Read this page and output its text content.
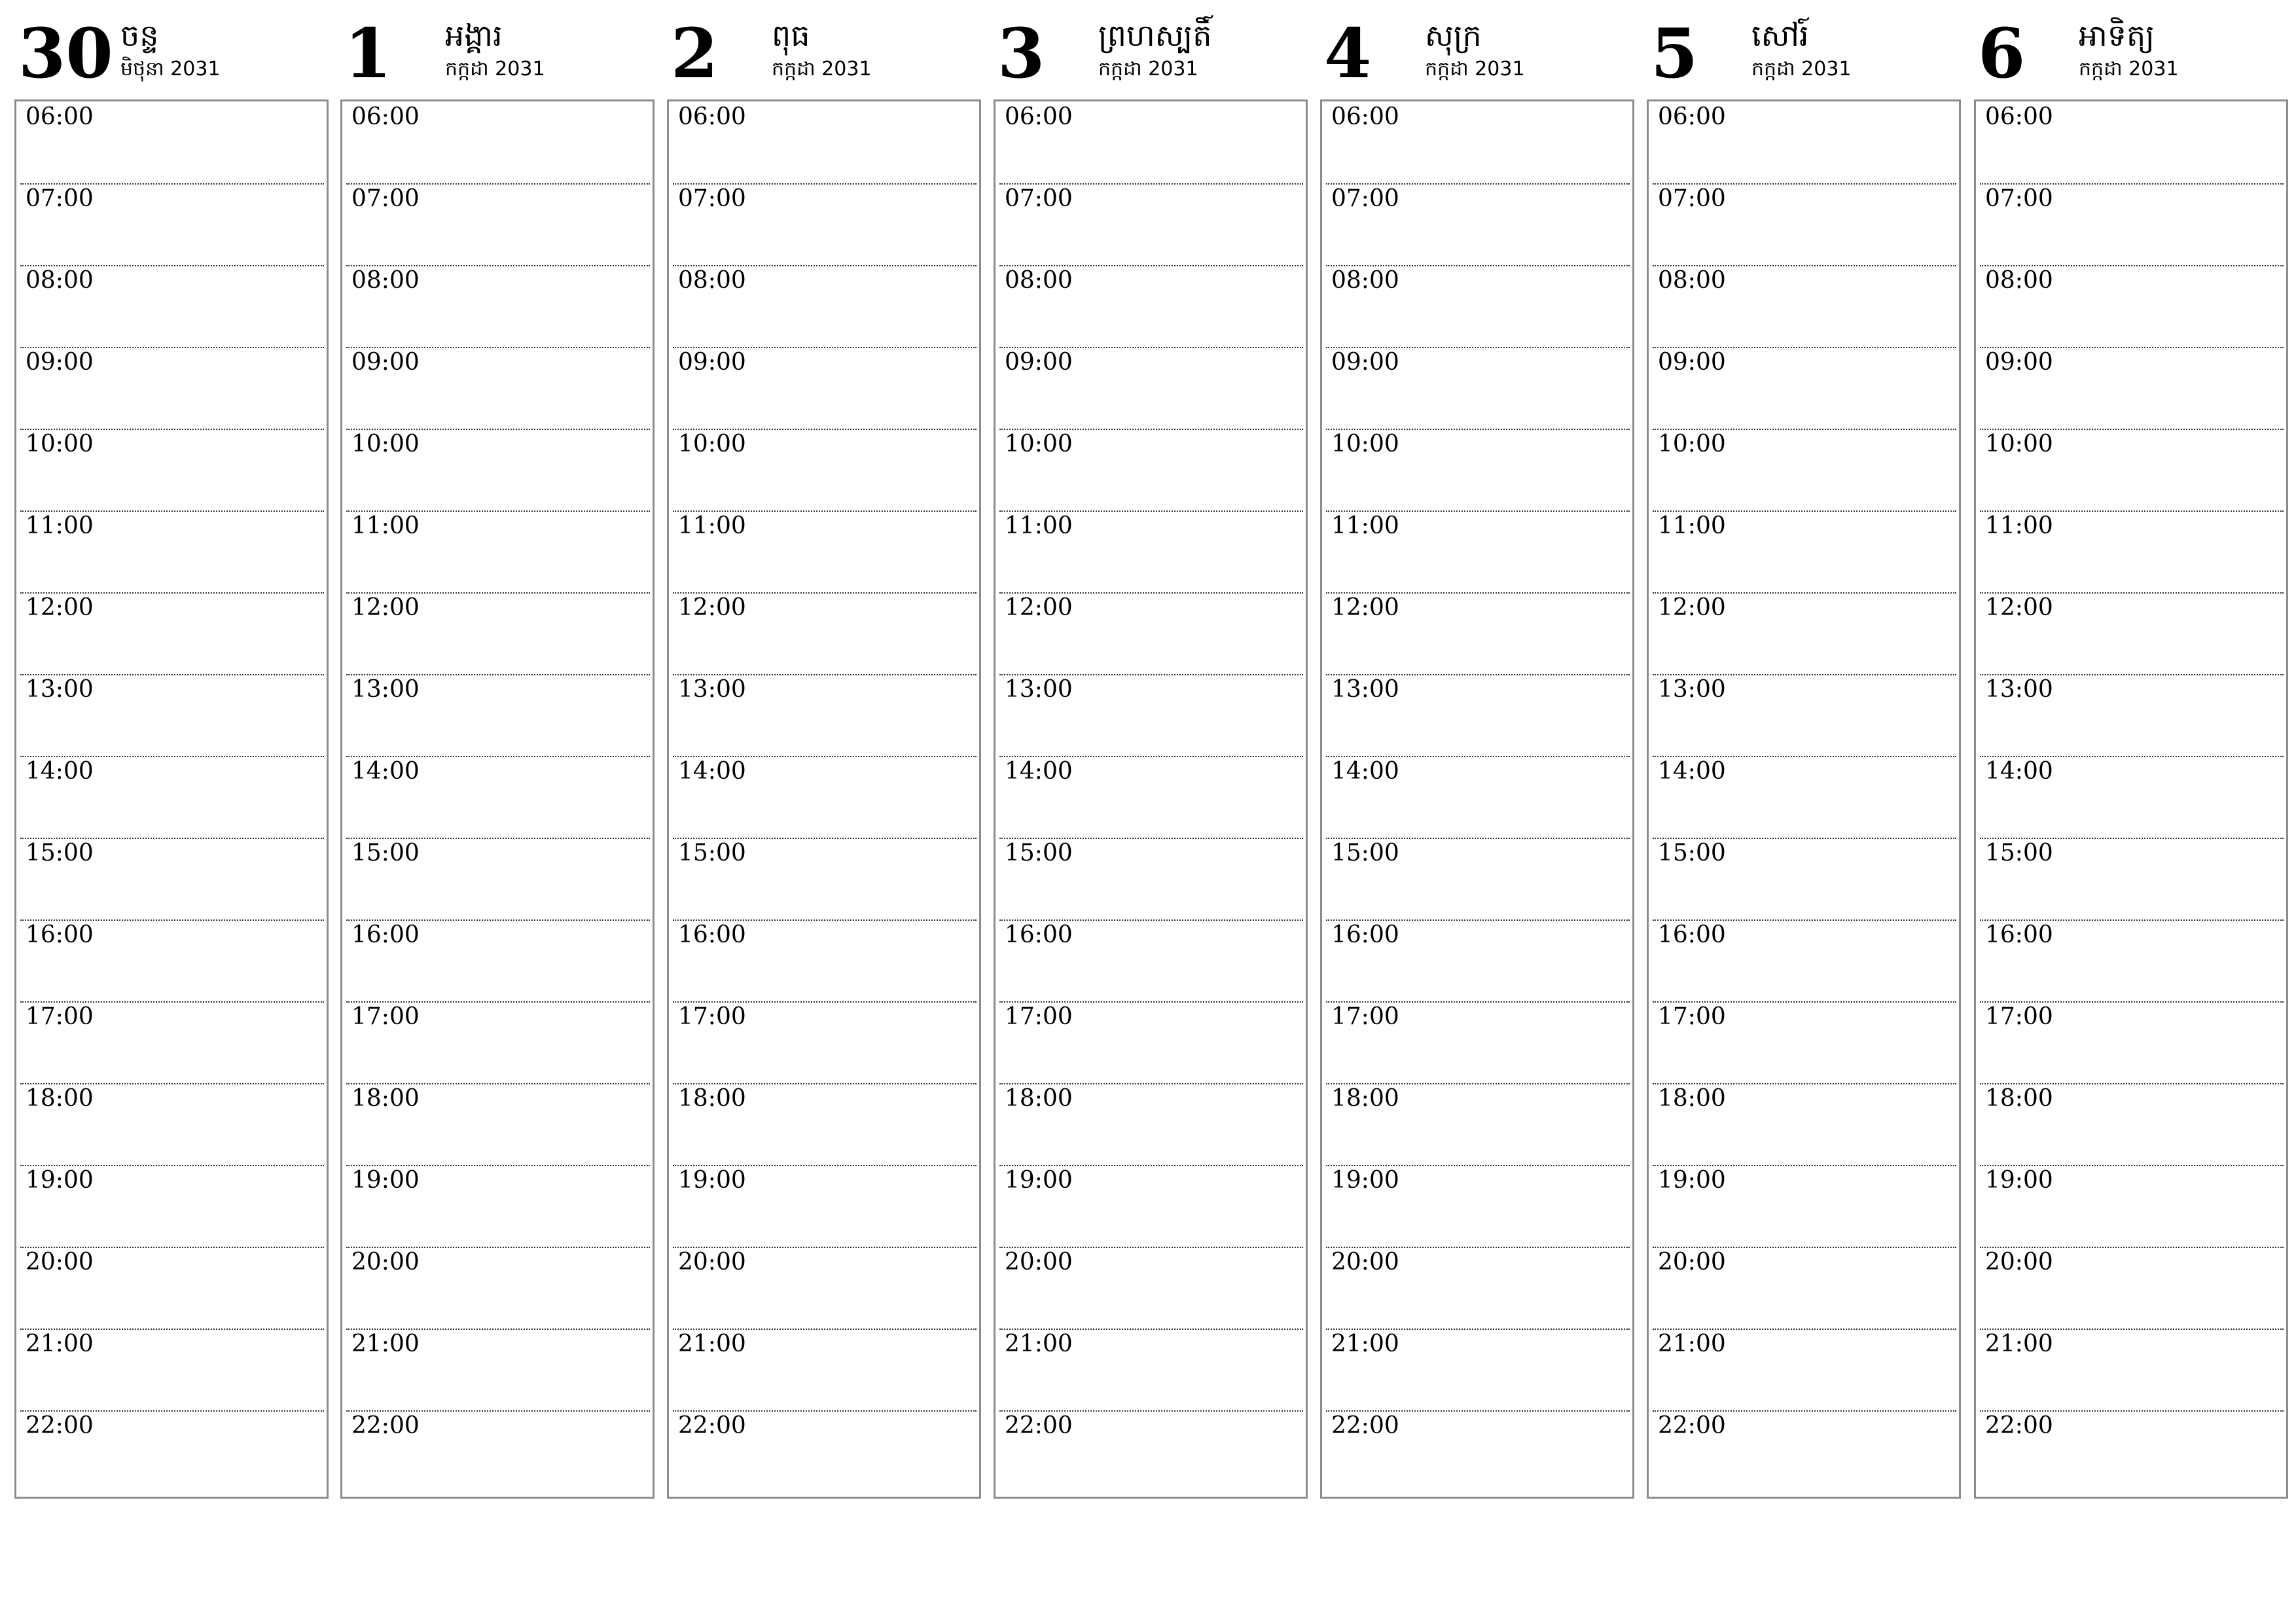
30 ចន្ទ
មិថុនា 2031
06:00
07:00
08:00
09:00
10:00
11:00
12:00
13:00
14:00
15:00
16:00
17:00
18:00
19:00
20:00
21:00
22:00
1 អង្គារ
កក្កដា 2031
06:00
07:00
08:00
09:00
10:00
11:00
12:00
13:00
14:00
15:00
16:00
17:00
18:00
19:00
20:00
21:00
22:00
2 ពុធ
កក្កដា 2031
06:00
07:00
08:00
09:00
10:00
11:00
12:00
13:00
14:00
15:00
16:00
17:00
18:00
19:00
20:00
21:00
22:00
3 ព្រហស្បតិ៍
កក្កដា 2031
06:00
07:00
08:00
09:00
10:00
11:00
12:00
13:00
14:00
15:00
16:00
17:00
18:00
19:00
20:00
21:00
22:00
4 សុក្រ
កក្កដា 2031
06:00
07:00
08:00
09:00
10:00
11:00
12:00
13:00
14:00
15:00
16:00
17:00
18:00
19:00
20:00
21:00
22:00
5 សៅរ៍
កក្កដា 2031
06:00
07:00
08:00
09:00
10:00
11:00
12:00
13:00
14:00
15:00
16:00
17:00
18:00
19:00
20:00
21:00
22:00
6 អាទិត្យ
កក្កដា 2031
06:00
07:00
08:00
09:00
10:00
11:00
12:00
13:00
14:00
15:00
16:00
17:00
18:00
19:00
20:00
21:00
22:00
